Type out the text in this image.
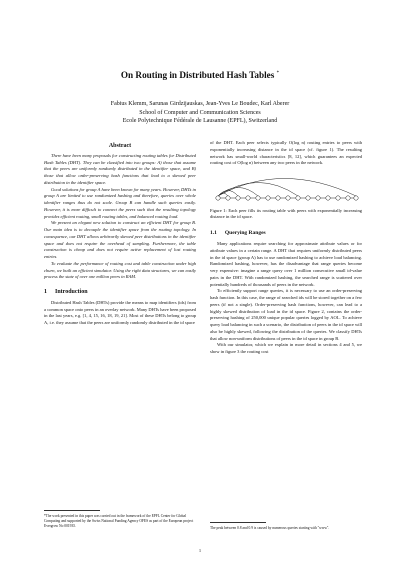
On Routing in Distributed Hash Tables *
Fabius Klemm, Sarunas Girdzijauskas, Jean-Yves Le Boudec, Karl Aberer
School of Computer and Communication Sciences
Ecole Polytechnique Fédérale de Lausanne (EPFL), Switzerland
Abstract

There have been many proposals for constructing routing tables for Distributed Hash Tables (DHT). They can be classified into two groups: A) those that assume that the peers are uniformly randomly distributed in the identifier space, and B) those that allow order-preserving hash functions that lead to a skewed peer distribution in the identifier space.

Good solutions for group A have been known for many years. However, DHTs in group A are limited to use randomized hashing and therefore, queries over whole identifier ranges thus do not scale. Group B can handle such queries easily. However, it is more difficult to connect the peers such that the resulting topology provides efficient routing, small routing tables, and balanced routing load.

We present an elegant new solution to construct an efficient DHT for group B. Our main idea is to decouple the identifier space from the routing topology. In consequence, our DHT allows arbitrarily skewed peer distributions in the identifier space and does not require the overhead of sampling. Furthermore, the table construction is cheap and does not require active replacement of lost routing entries.

To evaluate the performance of routing cost and table construction under high churn, we built an efficient simulator. Using the right data structures, we can easily process the state of over one million peers in RAM.

1 Introduction

Distributed Hash Tables (DHTs) provide the means to map identifiers (ids) from a common space onto peers in an overlay network. Many DHTs have been proposed in the last years, e.g. [1, 4, 15, 16, 18, 19, 21]. Most of these DHTs belong to group A, i.e. they assume that the peers are uniformly randomly distributed in the id space

*The work presented in this paper was carried out in the framework of the EPFL Center for Global Computing and supported by the Swiss National Funding Agency OFES as part of the European project Evergrow No 001935.

of the DHT. Each peer selects typically O(log n) routing entries to peers with exponentially increasing distance in the id space (cf. figure 1). The resulting network has small-world characteristics [8, 12], which guarantees an expected routing cost of O(log n) between any two peers in the network.

Figure 1: Each peer fills its routing table with peers with exponentially increasing distance in the id space.
1.1 Querying Ranges

Many applications require searching for approximate attribute values or for attribute values in a certain range. A DHT that requires uniformly distributed peers in the id space (group A) has to use randomized hashing to achieve load balancing. Randomized hashing, however, has the disadvantage that range queries become very expensive: imagine a range query over 1 million consecutive small id-value pairs in the DHT. With randomized hashing, the searched range is scattered over potentially hundreds of thousands of peers in the network.

To efficiently support range queries, it is necessary to use an order-preserving hash function. In this case, the range of searched ids will be stored together on a few peers (if not a single). Order-preserving hash functions, however, can lead to a highly skewed distribution of load in the id space. Figure 2, contains the order-preserving hashing of 250,000 unique popular queries logged by AOL. To achieve query load balancing in such a scenario, the distribution of peers in the id space will also be highly skewed, following the distribution of the queries. We classify DHTs that allow non-uniform distributions of peers in the id space in group B.

With our simulator, which we explain in more detail in sections 4 and 5, we show in figure 3 the routing cost

The peak between 0.8 and 0.9 is caused by numerous queries starting with "www".
1
